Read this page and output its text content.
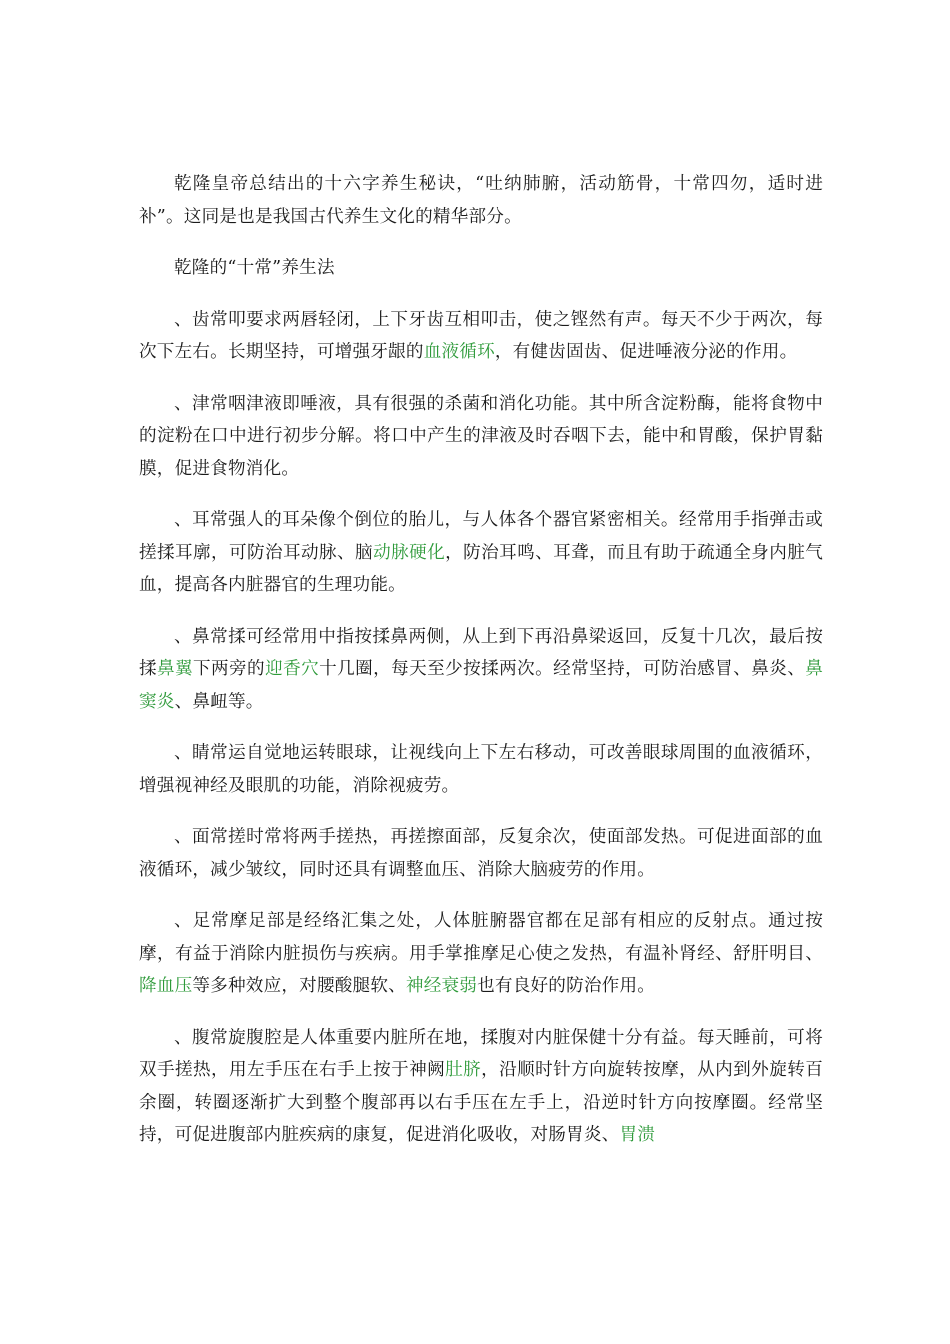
乾隆皇帝总结出的十六字养生秘诀，“吐纳肺腑，活动筋骨，十常四勿，适时进补”。这同是也是我国古代养生文化的精华部分。

乾隆的“十常”养生法

、齿常叩要求两唇轻闭，上下牙齿互相叩击，使之铿然有声。每天不少于两次，每次下左右。长期坚持，可增强牙龈的血液循环，有健齿固齿、促进唾液分泌的作用。

、津常咽津液即唾液，具有很强的杀菌和消化功能。其中所含淀粉酶，能将食物中的淀粉在口中进行初步分解。将口中产生的津液及时吞咽下去，能中和胃酸，保护胃黏膜，促进食物消化。

、耳常强人的耳朵像个倒位的胎儿，与人体各个器官紧密相关。经常用手指弹击或搓揉耳廓，可防治耳动脉、脑动脉硬化，防治耳鸣、耳聋，而且有助于疏通全身内脏气血，提高各内脏器官的生理功能。

、鼻常揉可经常用中指按揉鼻两侧，从上到下再沿鼻梁返回，反复十几次，最后按揉鼻翼下两旁的迎香穴十几圈，每天至少按揉两次。经常坚持，可防治感冒、鼻炎、鼻窦炎、鼻衄等。

、睛常运自觉地运转眼球，让视线向上下左右移动，可改善眼球周围的血液循环，增强视神经及眼肌的功能，消除视疲劳。

、面常搓时常将两手搓热，再搓擦面部，反复余次，使面部发热。可促进面部的血液循环，减少皱纹，同时还具有调整血压、消除大脑疲劳的作用。

、足常摩足部是经络汇集之处，人体脏腑器官都在足部有相应的反射点。通过按摩，有益于消除内脏损伤与疾病。用手掌推摩足心使之发热，有温补肾经、舒肝明目、降血压等多种效应，对腰酸腿软、神经衰弱也有良好的防治作用。

、腹常旋腹腔是人体重要内脏所在地，揉腹对内脏保健十分有益。每天睡前，可将双手搓热，用左手压在右手上按于神阙肚脐，沿顺时针方向旋转按摩，从内到外旋转百余圈，转圈逐渐扩大到整个腹部再以右手压在左手上，沿逆时针方向按摩圈。经常坚持，可促进腹部内脏疾病的康复，促进消化吸收，对肠胃炎、胃溃
